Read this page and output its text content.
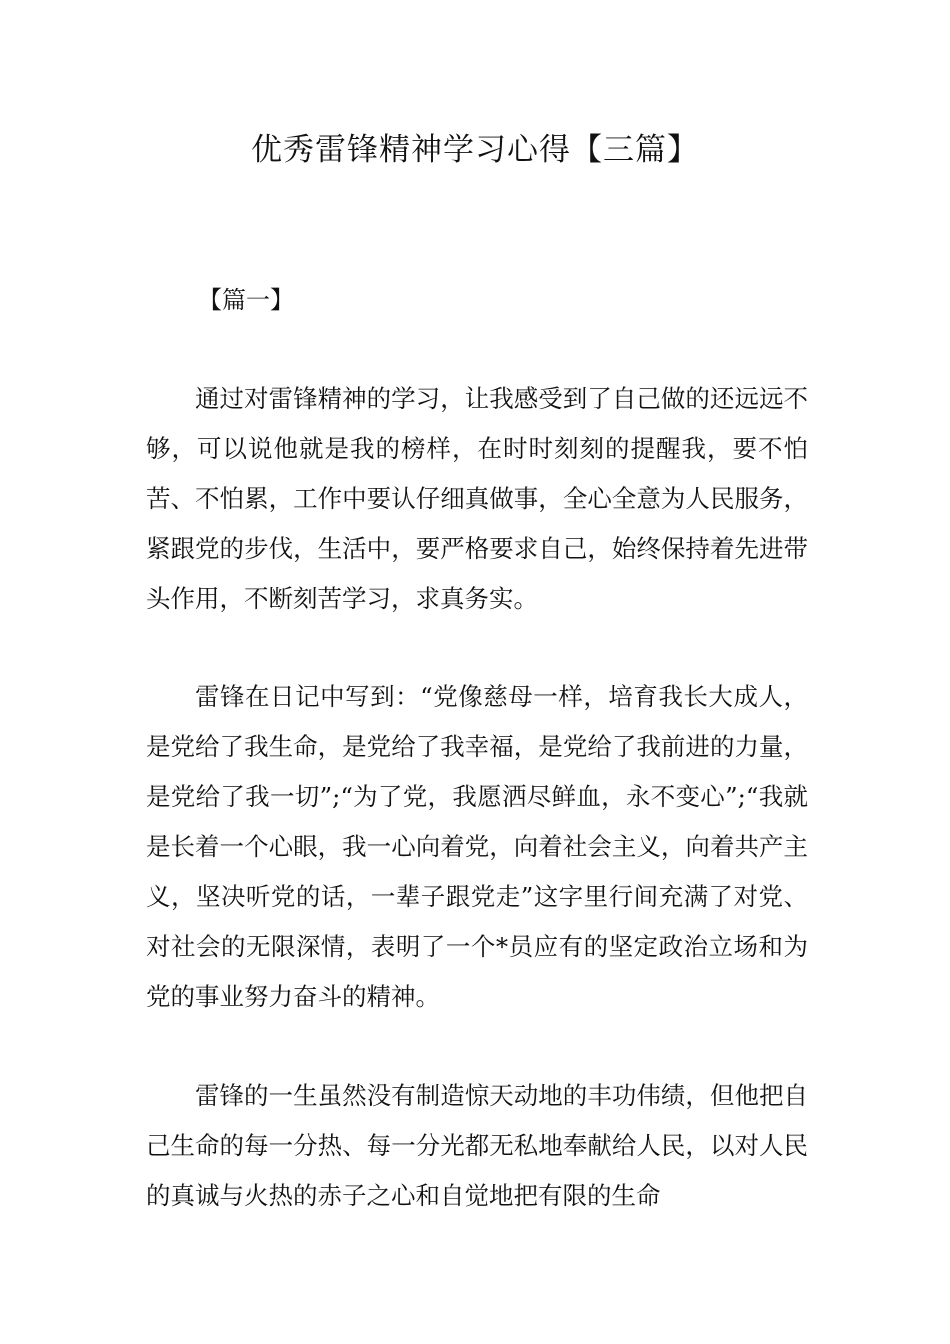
优秀雷锋精神学习心得【三篇】
【篇一】

通过对雷锋精神的学习，让我感受到了自己做的还远远不够，可以说他就是我的榜样，在时时刻刻的提醒我，要不怕苦、不怕累，工作中要认仔细真做事，全心全意为人民服务，紧跟党的步伐，生活中，要严格要求自己，始终保持着先进带头作用，不断刻苦学习，求真务实。

雷锋在日记中写到：“党像慈母一样，培育我长大成人，是党给了我生命，是党给了我幸福，是党给了我前进的力量，是党给了我一切”;“为了党，我愿洒尽鲜血，永不变心”;“我就是长着一个心眼，我一心向着党，向着社会主义，向着共产主义，坚决听党的话，一辈子跟党走”这字里行间充满了对党、对社会的无限深情，表明了一个*员应有的坚定政治立场和为党的事业努力奋斗的精神。

雷锋的一生虽然没有制造惊天动地的丰功伟绩，但他把自己生命的每一分热、每一分光都无私地奉献给人民，以对人民的真诚与火热的赤子之心和自觉地把有限的生命
